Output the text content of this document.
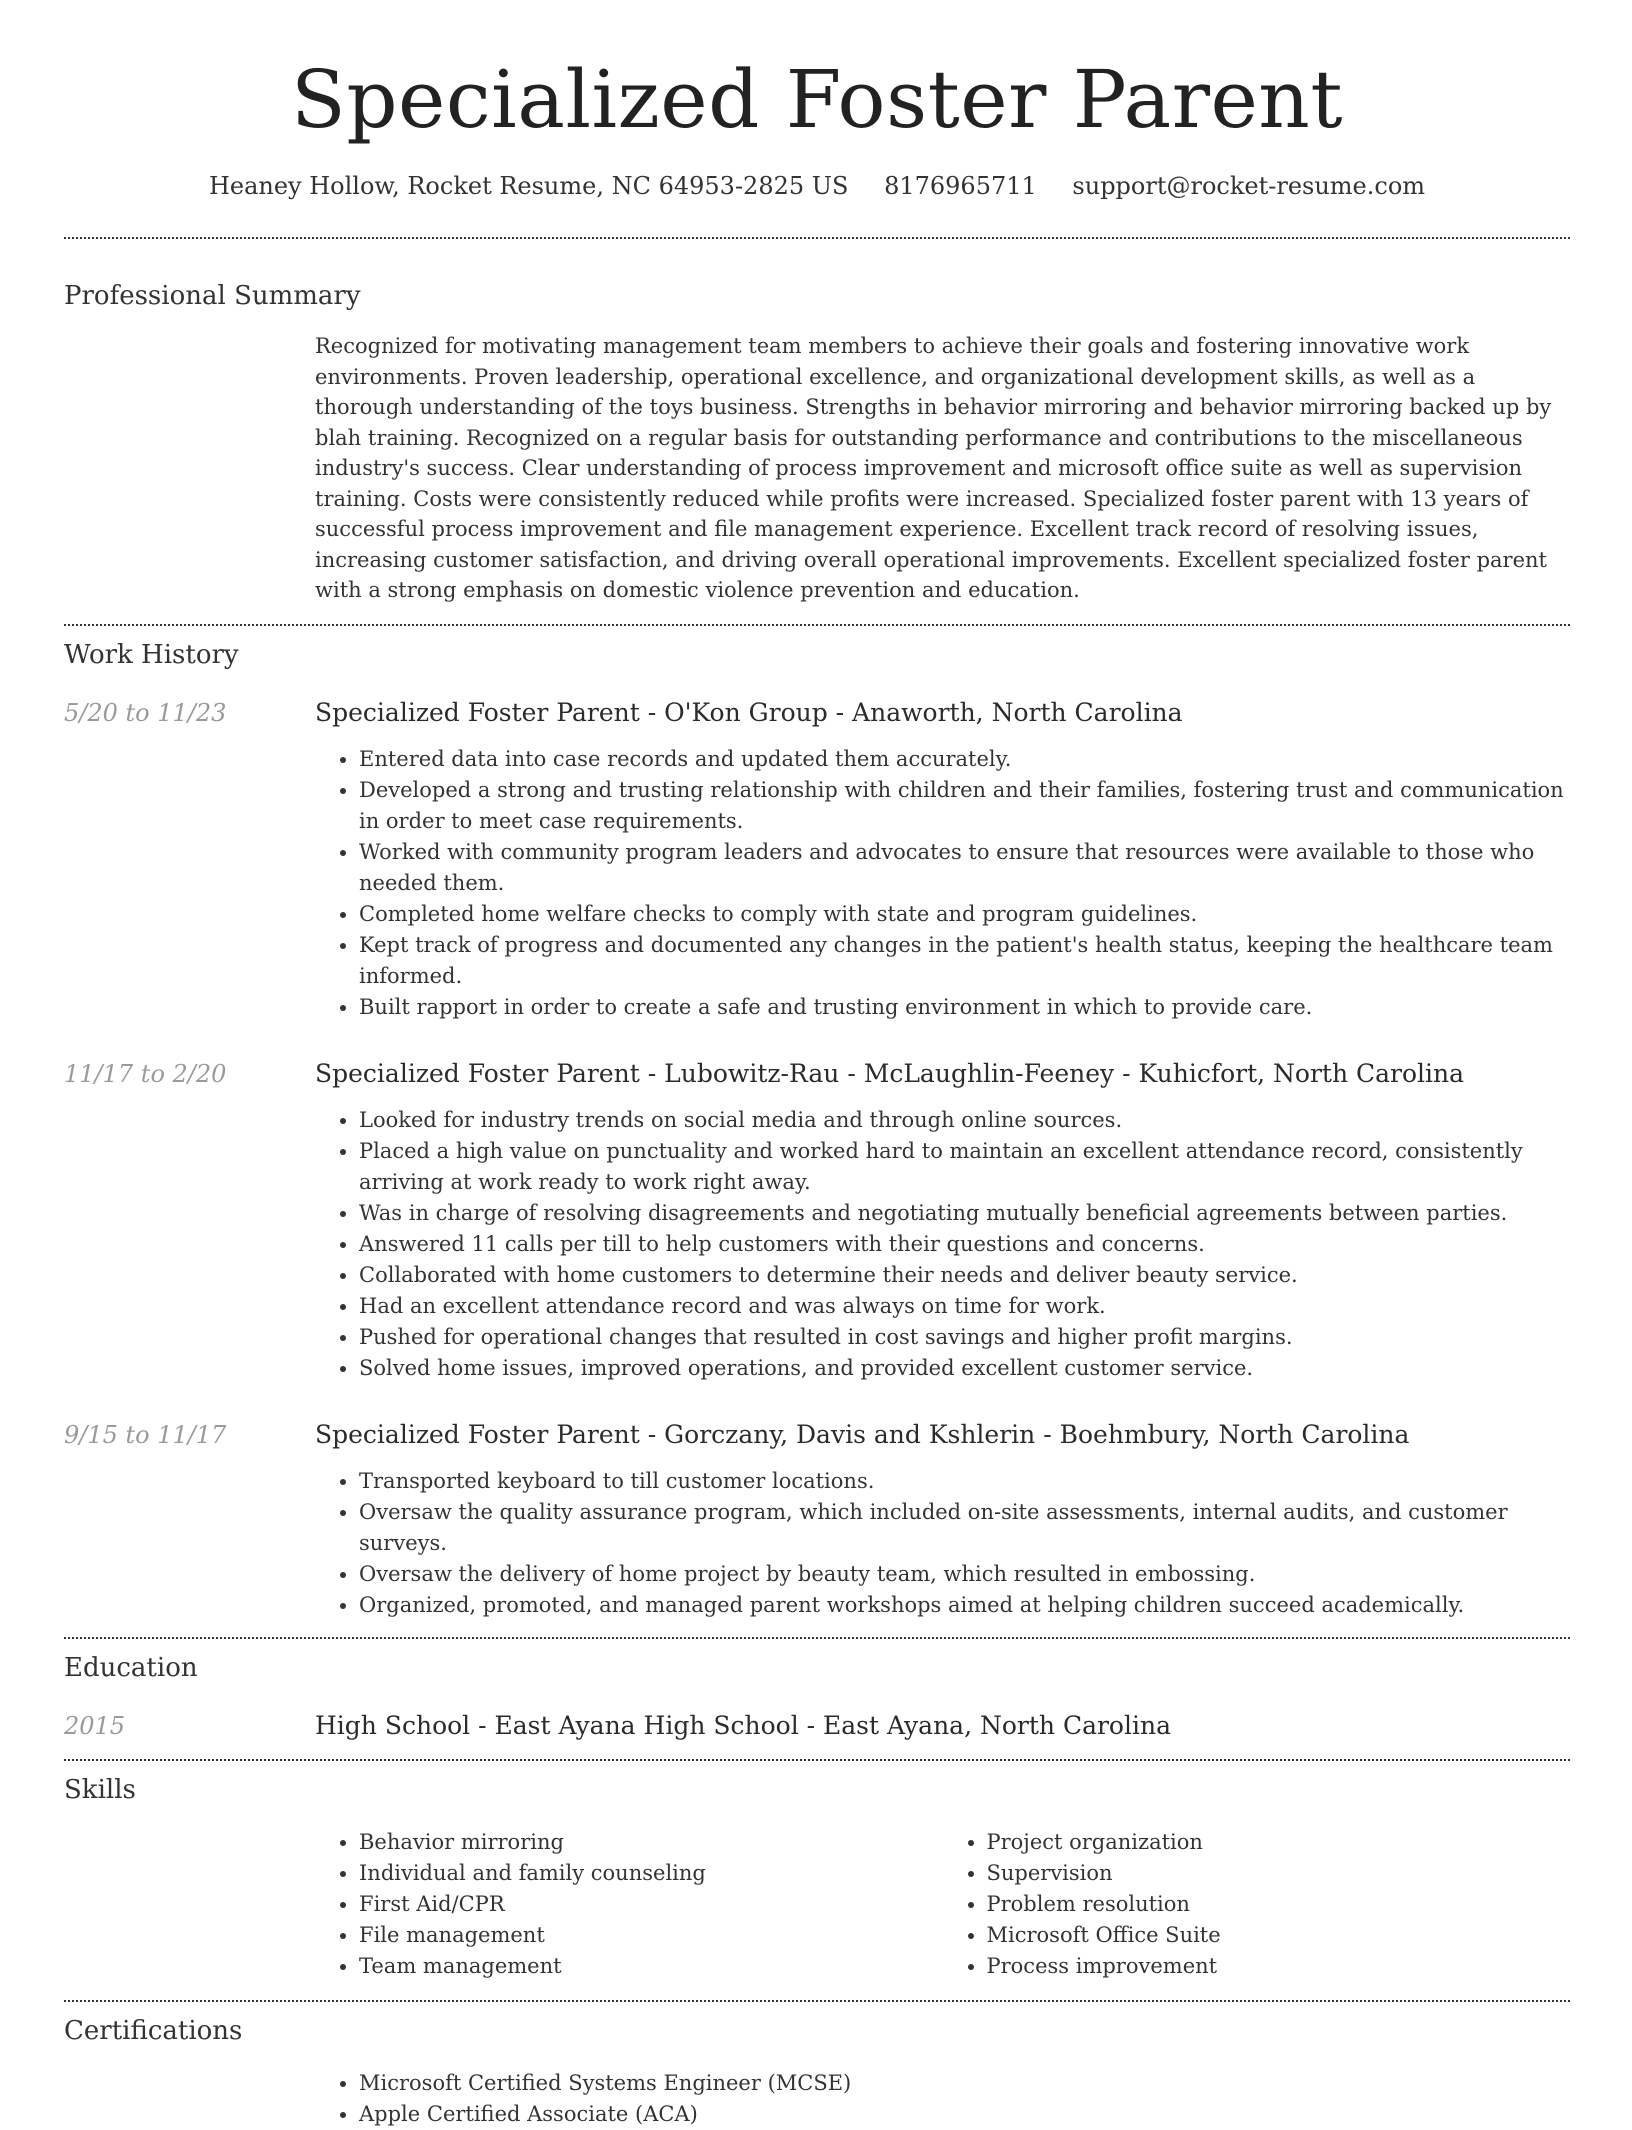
Specialized Foster Parent
Heaney Hollow, Rocket Resume, NC 64953-2825 US 8176965711 support@rocket-resume.com
Professional Summary

Recognized for motivating management team members to achieve their goals and fostering innovative work environments. Proven leadership, operational excellence, and organizational development skills, as well as a thorough understanding of the toys business. Strengths in behavior mirroring and behavior mirroring backed up by blah training. Recognized on a regular basis for outstanding performance and contributions to the miscellaneous industry's success. Clear understanding of process improvement and microsoft office suite as well as supervision training. Costs were consistently reduced while profits were increased. Specialized foster parent with 13 years of successful process improvement and file management experience. Excellent track record of resolving issues, increasing customer satisfaction, and driving overall operational improvements. Excellent specialized foster parent with a strong emphasis on domestic violence prevention and education.

Work History
5/20 to 11/23	Specialized Foster Parent - O'Kon Group - Anaworth, North Carolina
• Entered data into case records and updated them accurately.
• Developed a strong and trusting relationship with children and their families, fostering trust and communication in order to meet case requirements.
• Worked with community program leaders and advocates to ensure that resources were available to those who needed them.
• Completed home welfare checks to comply with state and program guidelines.
• Kept track of progress and documented any changes in the patient's health status, keeping the healthcare team informed.
• Built rapport in order to create a safe and trusting environment in which to provide care.
11/17 to 2/20	Specialized Foster Parent - Lubowitz-Rau - McLaughlin-Feeney - Kuhicfort, North Carolina
• Looked for industry trends on social media and through online sources.
• Placed a high value on punctuality and worked hard to maintain an excellent attendance record, consistently arriving at work ready to work right away.
• Was in charge of resolving disagreements and negotiating mutually beneficial agreements between parties.
• Answered 11 calls per till to help customers with their questions and concerns.
• Collaborated with home customers to determine their needs and deliver beauty service.
• Had an excellent attendance record and was always on time for work.
• Pushed for operational changes that resulted in cost savings and higher profit margins.
• Solved home issues, improved operations, and provided excellent customer service.
9/15 to 11/17	Specialized Foster Parent - Gorczany, Davis and Kshlerin - Boehmbury, North Carolina
• Transported keyboard to till customer locations.
• Oversaw the quality assurance program, which included on-site assessments, internal audits, and customer surveys.
• Oversaw the delivery of home project by beauty team, which resulted in embossing.
• Organized, promoted, and managed parent workshops aimed at helping children succeed academically.
Education
2015	High School - East Ayana High School - East Ayana, North Carolina
Skills
• Behavior mirroring
• Individual and family counseling
• First Aid/CPR
• File management
• Team management
• Project organization
• Supervision
• Problem resolution
• Microsoft Office Suite
• Process improvement
Certifications
• Microsoft Certified Systems Engineer (MCSE)
• Apple Certified Associate (ACA)
